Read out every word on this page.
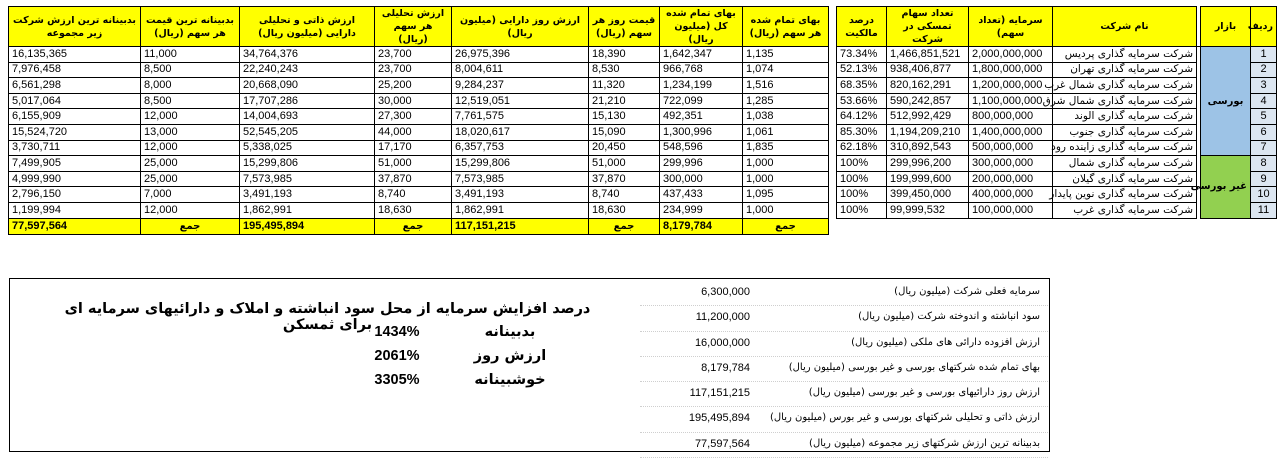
ردیف	بازار		نام شرکت	سرمایه (تعداد سهم)	تعداد سهام تمسکی در شرکت	درصد مالکیت		بهای تمام شده هر سهم (ریال)	بهای تمام شده کل (میلیون ریال)	قیمت روز هر سهم (ریال)	ارزش روز دارایی (میلیون ریال)	ارزش تحلیلی هر سهم (ریال)	ارزش ذاتی و تحلیلی دارایی (میلیون ریال)	بدبینانه ترین قیمت هر سهم (ریال)	بدبینانه ترین ارزش شرکت زیر مجموعه
1	بورسی		شرکت سرمایه گذاری پردیس	2,000,000,000	1,466,851,521	73.34%		1,135	1,642,347	18,390	26,975,396	23,700	34,764,376	11,000	16,135,365
2			شرکت سرمایه گذاری تهران	1,800,000,000	938,406,877	52.13%		1,074	966,768	8,530	8,004,611	23,700	22,240,243	8,500	7,976,458
3			شرکت سرمایه گذاری شمال غرب	1,200,000,000	820,162,291	68.35%		1,516	1,234,199	11,320	9,284,237	25,200	20,668,090	8,000	6,561,298
4			شرکت سرمایه گذاری شمال شرق	1,100,000,000	590,242,857	53.66%		1,285	722,099	21,210	12,519,051	30,000	17,707,286	8,500	5,017,064
5			شرکت سرمایه گذاری الوند	800,000,000	512,992,429	64.12%		1,038	492,351	15,130	7,761,575	27,300	14,004,693	12,000	6,155,909
6			شرکت سرمایه گذاری جنوب	1,400,000,000	1,194,209,210	85.30%		1,061	1,300,996	15,090	18,020,617	44,000	52,545,205	13,000	15,524,720
7			شرکت سرمایه گذاری زاینده رود	500,000,000	310,892,543	62.18%		1,835	548,596	20,450	6,357,753	17,170	5,338,025	12,000	3,730,711
8	غیر بورسی		شرکت سرمایه گذاری شمال	300,000,000	299,996,200	100%		1,000	299,996	51,000	15,299,806	51,000	15,299,806	25,000	7,499,905
9			شرکت سرمایه گذاری گیلان	200,000,000	199,999,600	100%		1,000	300,000	37,870	7,573,985	37,870	7,573,985	25,000	4,999,990
10			شرکت سرمایه گذاری نوین پایدار	400,000,000	399,450,000	100%		1,095	437,433	8,740	3,491,193	8,740	3,491,193	7,000	2,796,150
11			شرکت سرمایه گذاری غرب	100,000,000	99,999,532	100%		1,000	234,999	18,630	1,862,991	18,630	1,862,991	12,000	1,199,994
								جمع	8,179,784	جمع	117,151,215	جمع	195,495,894	جمع	77,597,564
6,300,000	سرمایه فعلی شرکت (میلیون ریال)
11,200,000	سود انباشته و اندوخته شرکت (میلیون ریال)
16,000,000	ارزش افزوده دارائی های ملکی (میلیون ریال)
8,179,784	بهای تمام شده شرکتهای بورسی و غیر بورسی (میلیون ریال)
117,151,215	ارزش روز دارائیهای بورسی و غیر بورسی (میلیون ریال)
195,495,894 ارزش ذاتی و تحلیلی شرکتهای بورسی و غیر بورس (میلیون ریال)
77,597,564	بدبینانه ترین ارزش شرکتهای زیر مجموعه (میلیون ریال)
درصد افزایش سرمایه از محل سود انباشته و املاک و دارائیهای سرمایه ای برای ثمسکن 1434%	بدبینانه
2061%	ارزش روز
3305%	خوشبینانه
